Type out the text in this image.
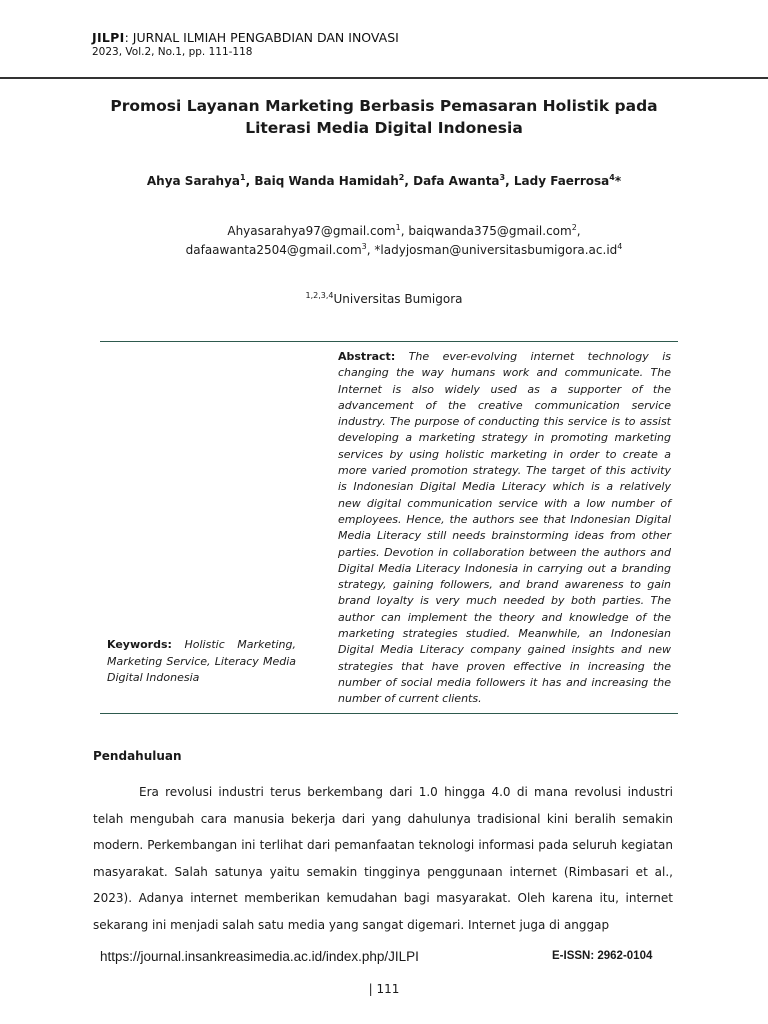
JILPI: JURNAL ILMIAH PENGABDIAN DAN INOVASI
2023, Vol.2, No.1, pp. 111-118
Promosi Layanan Marketing Berbasis Pemasaran Holistik pada
Literasi Media Digital Indonesia
Ahya Sarahya$^1$, Baiq Wanda Hamidah$^2$, Dafa Awanta$^3$, Lady Faerrosa$^4$*
Ahyasarahya97@gmail.com$^1$, baiqwanda375@gmail.com$^2$,
dafaawanta2504@gmail.com$^3$, $*ladyjosman@universitasbumigora.ac.id^4$
$^{1,2,3,4}$Universitas Bumigora
Keywords: Holistic Marketing, Marketing Service, Literacy Media Digital Indonesia
Abstract: The ever-evolving internet technology is changing the way humans work and communicate. The Internet is also widely used as a supporter of the advancement of the creative communication service industry. The purpose of conducting this service is to assist developing a marketing strategy in promoting marketing services by using holistic marketing in order to create a more varied promotion strategy. The target of this activity is Indonesian Digital Media Literacy which is a relatively new digital communication service with a low number of employees. Hence, the authors see that Indonesian Digital Media Literacy still needs brainstorming ideas from other parties. Devotion in collaboration between the authors and Digital Media Literacy Indonesia in carrying out a branding strategy, gaining followers, and brand awareness to gain brand loyalty is very much needed by both parties. The author can implement the theory and knowledge of the marketing strategies studied. Meanwhile, an Indonesian Digital Media Literacy company gained insights and new strategies that have proven effective in increasing the number of social media followers it has and increasing the number of current clients.
Pendahuluan
Era revolusi industri terus berkembang dari 1.0 hingga 4.0 di mana revolusi industri telah mengubah cara manusia bekerja dari yang dahulunya tradisional kini beralih semakin modern. Perkembangan ini terlihat dari pemanfaatan teknologi informasi pada seluruh kegiatan masyarakat. Salah satunya yaitu semakin tingginya penggunaan internet (Rimbasari et al., 2023). Adanya internet memberikan kemudahan bagi masyarakat. Oleh karena itu, internet sekarang ini menjadi salah satu media yang sangat digemari. Internet juga di anggap
https://journal.insankreasimedia.ac.id/index.php/JILPI	E-ISSN: 2962-0104
| 111
